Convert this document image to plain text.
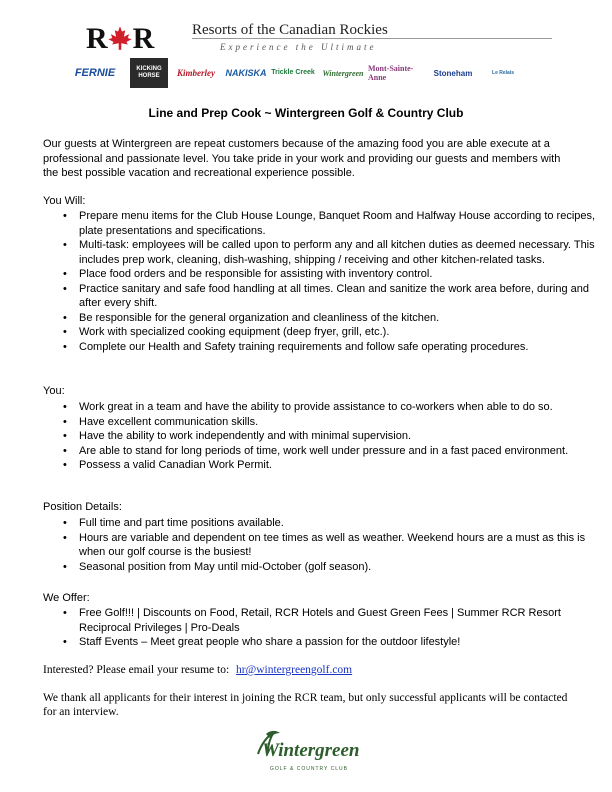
R R	Resorts of the Canadian Rockies
Experience the Ultimate
FERNIE	KICKING HORSE	Kimberley	NAKISKA Trickle Creek Wintergreen Mont-Sainte-Anne	Stoneham	Le Relais
Line and Prep Cook ~ Wintergreen Golf & Country Club
Our guests at Wintergreen are repeat customers because of the amazing food you are able execute at a professional and passionate level. You take pride in your work and providing our guests and members with the best possible vacation and recreational experience possible.
You Will:
• Prepare menu items for the Club House Lounge, Banquet Room and Halfway House according to recipes, plate presentations and specifications.
• Multi-task: employees will be called upon to perform any and all kitchen duties as deemed necessary. This includes prep work, cleaning, dish-washing, shipping / receiving and other kitchen-related tasks.
• Place food orders and be responsible for assisting with inventory control.
• Practice sanitary and safe food handling at all times. Clean and sanitize the work area before, during and after every shift.
• Be responsible for the general organization and cleanliness of the kitchen.
• Work with specialized cooking equipment (deep fryer, grill, etc.).
• Complete our Health and Safety training requirements and follow safe operating procedures.
You:
• Work great in a team and have the ability to provide assistance to co-workers when able to do so.
• Have excellent communication skills.
• Have the ability to work independently and with minimal supervision.
• Are able to stand for long periods of time, work well under pressure and in a fast paced environment.
• Possess a valid Canadian Work Permit.
Position Details:
• Full time and part time positions available.
• Hours are variable and dependent on tee times as well as weather. Weekend hours are a must as this is when our golf course is the busiest!
• Seasonal position from May until mid-October (golf season).
We Offer:
• Free Golf!!! | Discounts on Food, Retail, RCR Hotels and Guest Green Fees | Summer RCR Resort Reciprocal Privileges | Pro-Deals
• Staff Events – Meet great people who share a passion for the outdoor lifestyle!
Interested? Please email your resume to: hr@wintergreengolf.com
We thank all applicants for their interest in joining the RCR team, but only successful applicants will be contacted for an interview.
Wintergreen
GOLF & COUNTRY CLUB
